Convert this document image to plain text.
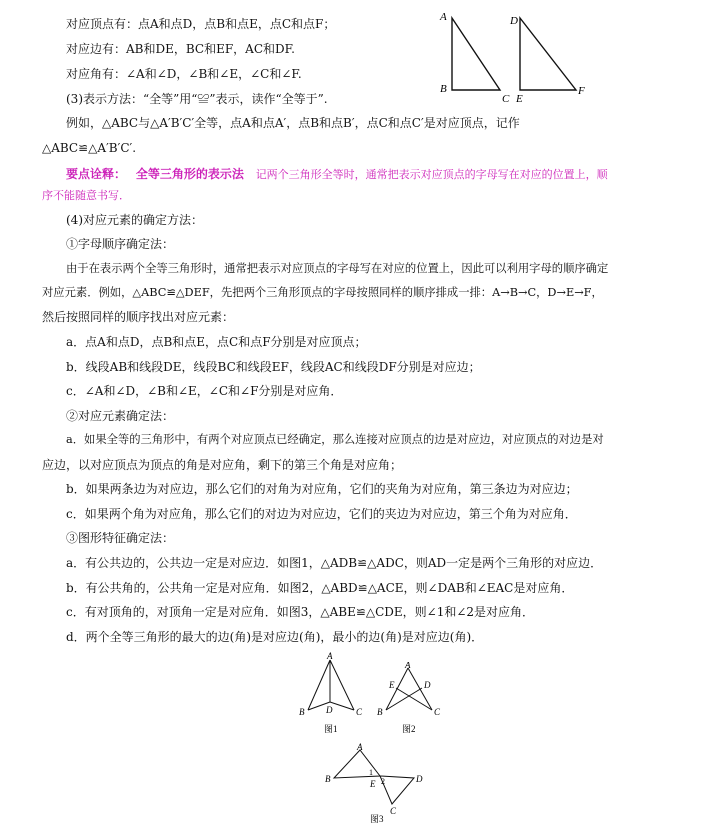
对应顶点有：点A和点D，点B和点E，点C和点F；
对应边有：AB和DE，BC和EF，AC和DF.
对应角有：∠A和∠D，∠B和∠E，∠C和∠F.
(3)表示方法：“全等”用“≌”表示，读作“全等于”.
例如，△ABC与△A′B′C′全等，点A和点A′，点B和点B′，点C和点C′是对应顶点，记作
△ABC≌△A′B′C′.
要点诠释： 全等三角形的表示法 记两个三角形全等时，通常把表示对应顶点的字母写在对应的位置上，顺
序不能随意书写．
(4)对应元素的确定方法：
①字母顺序确定法：
由于在表示两个全等三角形时，通常把表示对应顶点的字母写在对应的位置上，因此可以利用字母的顺序确定
对应元素．例如，△ABC≌△DEF，先把两个三角形顶点的字母按照同样的顺序排成一排：A→B→C，D→E→F，
然后按照同样的顺序找出对应元素：
a．点A和点D，点B和点E，点C和点F分别是对应顶点；
b．线段AB和线段DE，线段BC和线段EF，线段AC和线段DF分别是对应边；
c．∠A和∠D，∠B和∠E，∠C和∠F分别是对应角．
②对应元素确定法：
a．如果全等的三角形中，有两个对应顶点已经确定，那么连接对应顶点的边是对应边，对应顶点的对边是对
应边，以对应顶点为顶点的角是对应角，剩下的第三个角是对应角；
b．如果两条边为对应边，那么它们的对角为对应角，它们的夹角为对应角，第三条边为对应边；
c．如果两个角为对应角，那么它们的对边为对应边，它们的夹边为对应边，第三个角为对应角．
③图形特征确定法：
a．有公共边的，公共边一定是对应边．如图1，△ADB≌△ADC，则AD一定是两个三角形的对应边．
b．有公共角的，公共角一定是对应角．如图2，△ABD≌△ACE，则∠DAB和∠EAC是对应角．
c．有对顶角的，对顶角一定是对应角．如图3，△ABE≌△CDE，则∠1和∠2是对应角．
d．两个全等三角形的最大的边(角)是对应边(角)，最小的边(角)是对应边(角)．
A
B
C
D
E
F
A
B D	C
图1
A
E	D
B	C
图2
A
B
1
E 2	D
C
图3
